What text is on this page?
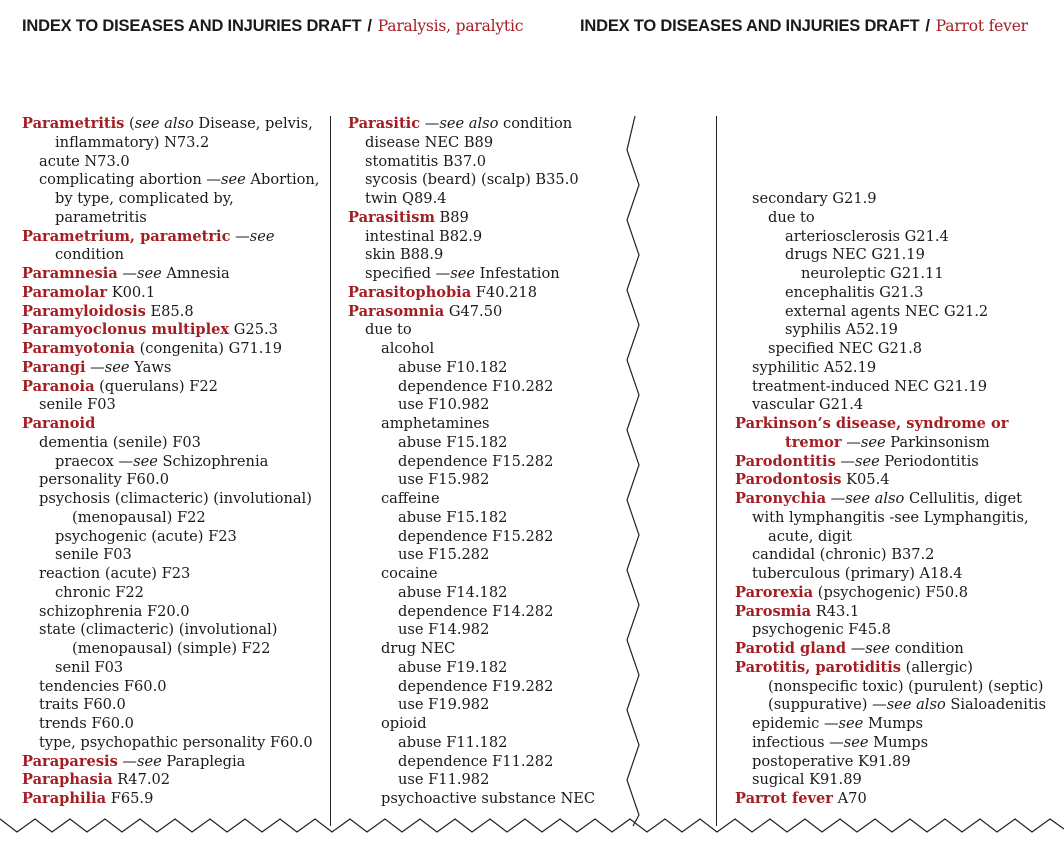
INDEX TO DISEASES AND INJURIES DRAFT / Paralysis, paralytic	INDEX TO DISEASES AND INJURIES DRAFT / Parrot fever
Parametritis (see also Disease, pelvis,
inflammatory) N73.2
acute N73.0
complicating abortion —see Abortion,
by type, complicated by,
parametritis
Parametrium, parametric —see
condition
Paramnesia —see Amnesia
Paramolar K00.1
Paramyloidosis E85.8
Paramyoclonus multiplex G25.3
Paramyotonia (congenita) G71.19
Parangi —see Yaws
Paranoia (querulans) F22
senile F03
Paranoid
dementia (senile) F03
praecox —see Schizophrenia
personality F60.0
psychosis (climacteric) (involutional)
(menopausal) F22
psychogenic (acute) F23
senile F03
reaction (acute) F23
chronic F22
schizophrenia F20.0
state (climacteric) (involutional)
(menopausal) (simple) F22
senil F03
tendencies F60.0
traits F60.0
trends F60.0
type, psychopathic personality F60.0
Paraparesis —see Paraplegia
Paraphasia R47.02
Paraphilia F65.9
Parasitic —see also condition
disease NEC B89
stomatitis B37.0
sycosis (beard) (scalp) B35.0
twin Q89.4
Parasitism B89
intestinal B82.9
skin B88.9
specified —see Infestation
Parasitophobia F40.218
Parasomnia G47.50
due to
alcohol
abuse F10.182
dependence F10.282
use F10.982
amphetamines
abuse F15.182
dependence F15.282
use F15.982
caffeine
abuse F15.182
dependence F15.282
use F15.282
cocaine
abuse F14.182
dependence F14.282
use F14.982
drug NEC
abuse F19.182
dependence F19.282
use F19.982
opioid
abuse F11.182
dependence F11.282
use F11.982
psychoactive substance NEC
secondary G21.9
due to
arteriosclerosis G21.4
drugs NEC G21.19
neuroleptic G21.11
encephalitis G21.3
external agents NEC G21.2
syphilis A52.19
specified NEC G21.8
syphilitic A52.19
treatment-induced NEC G21.19
vascular G21.4
Parkinson’s disease, syndrome or
tremor —see Parkinsonism
Parodontitis —see Periodontitis
Parodontosis K05.4
Paronychia —see also Cellulitis, diget
with lymphangitis -see Lymphangitis,
acute, digit
candidal (chronic) B37.2
tuberculous (primary) A18.4
Parorexia (psychogenic) F50.8
Parosmia R43.1
psychogenic F45.8
Parotid gland —see condition
Parotitis, parotiditis (allergic)
(nonspecific toxic) (purulent) (septic)
(suppurative) —see also Sialoadenitis
epidemic —see Mumps
infectious —see Mumps
postoperative K91.89
sugical K91.89
Parrot fever A70
